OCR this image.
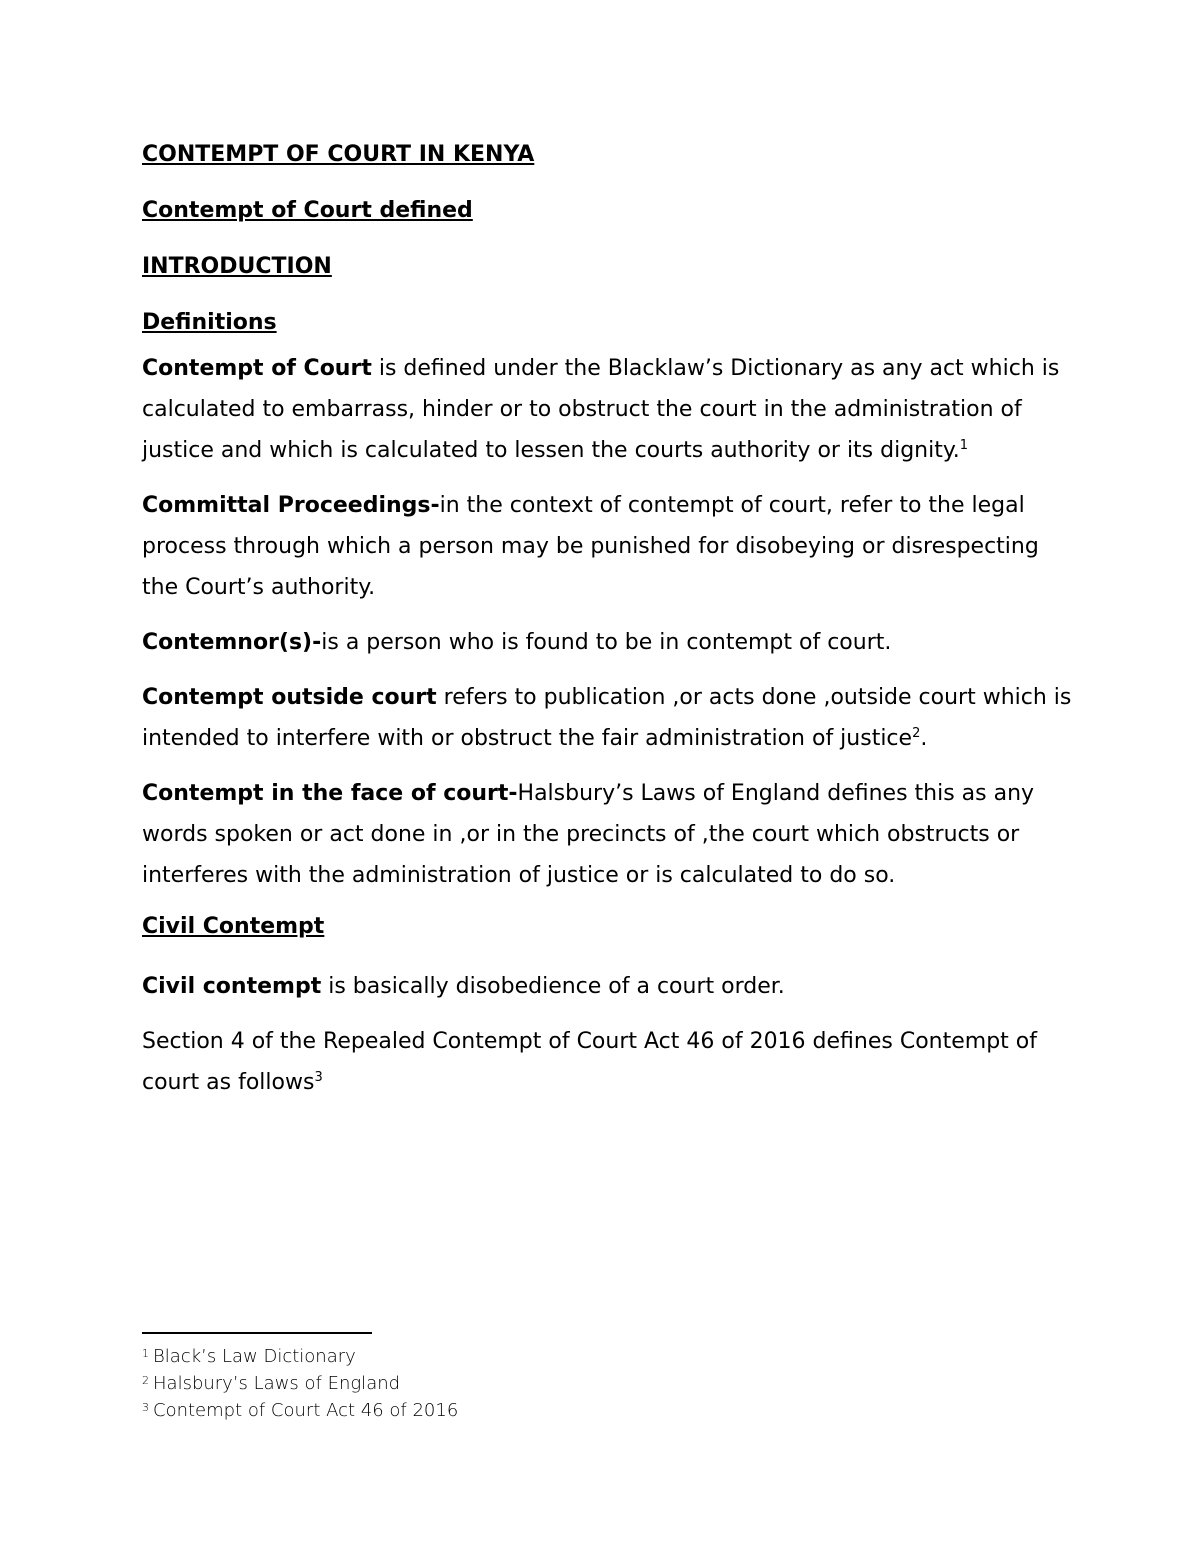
CONTEMPT OF COURT IN KENYA
Contempt of Court defined
INTRODUCTION
Definitions

Contempt of Court is defined under the Blacklaw’s Dictionary as any act which is calculated to embarrass, hinder or to obstruct the court in the administration of justice and which is calculated to lessen the courts authority or its dignity.$^1$

Committal Proceedings-in the context of contempt of court, refer to the legal process through which a person may be punished for disobeying or disrespecting the Court’s authority.

Contemnor(s)-is a person who is found to be in contempt of court.

Contempt outside court refers to publication ,or acts done ,outside court which is intended to interfere with or obstruct the fair administration of justice$^2$.

Contempt in the face of court-Halsbury’s Laws of England defines this as any words spoken or act done in ,or in the precincts of ,the court which obstructs or interferes with the administration of justice or is calculated to do so.

Civil Contempt

Civil contempt is basically disobedience of a court order.

Section 4 of the Repealed Contempt of Court Act 46 of 2016 defines Contempt of court as follows$^3$

$^1$ Black’s Law Dictionary
$^2$ Halsbury’s Laws of England
$^3$ Contempt of Court Act 46 of 2016
